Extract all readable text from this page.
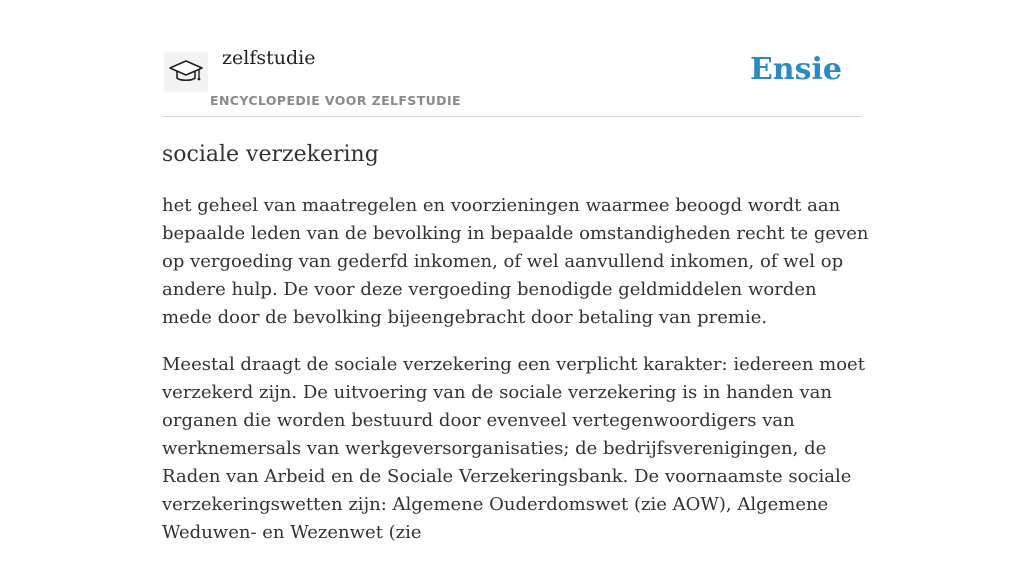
zelfstudie
ENCYCLOPEDIE VOOR ZELFSTUDIE
Ensie
sociale verzekering

het geheel van maatregelen en voorzieningen waarmee beoogd wordt aan bepaalde leden van de bevolking in bepaalde omstandigheden recht te geven op vergoeding van gederfd inkomen, of wel aanvullend inkomen, of wel op andere hulp. De voor deze vergoeding benodigde geldmiddelen worden mede door de bevolking bijeengebracht door betaling van premie.

Meestal draagt de sociale verzekering een verplicht karakter: iedereen moet verzekerd zijn. De uitvoering van de sociale verzekering is in handen van organen die worden bestuurd door evenveel vertegenwoordigers van werknemersals van werkgeversorganisaties; de bedrijfsverenigingen, de Raden van Arbeid en de Sociale Verzekeringsbank. De voornaamste sociale verzekeringswetten zijn: Algemene Ouderdomswet (zie AOW), Algemene Weduwen- en Wezenwet (zie
